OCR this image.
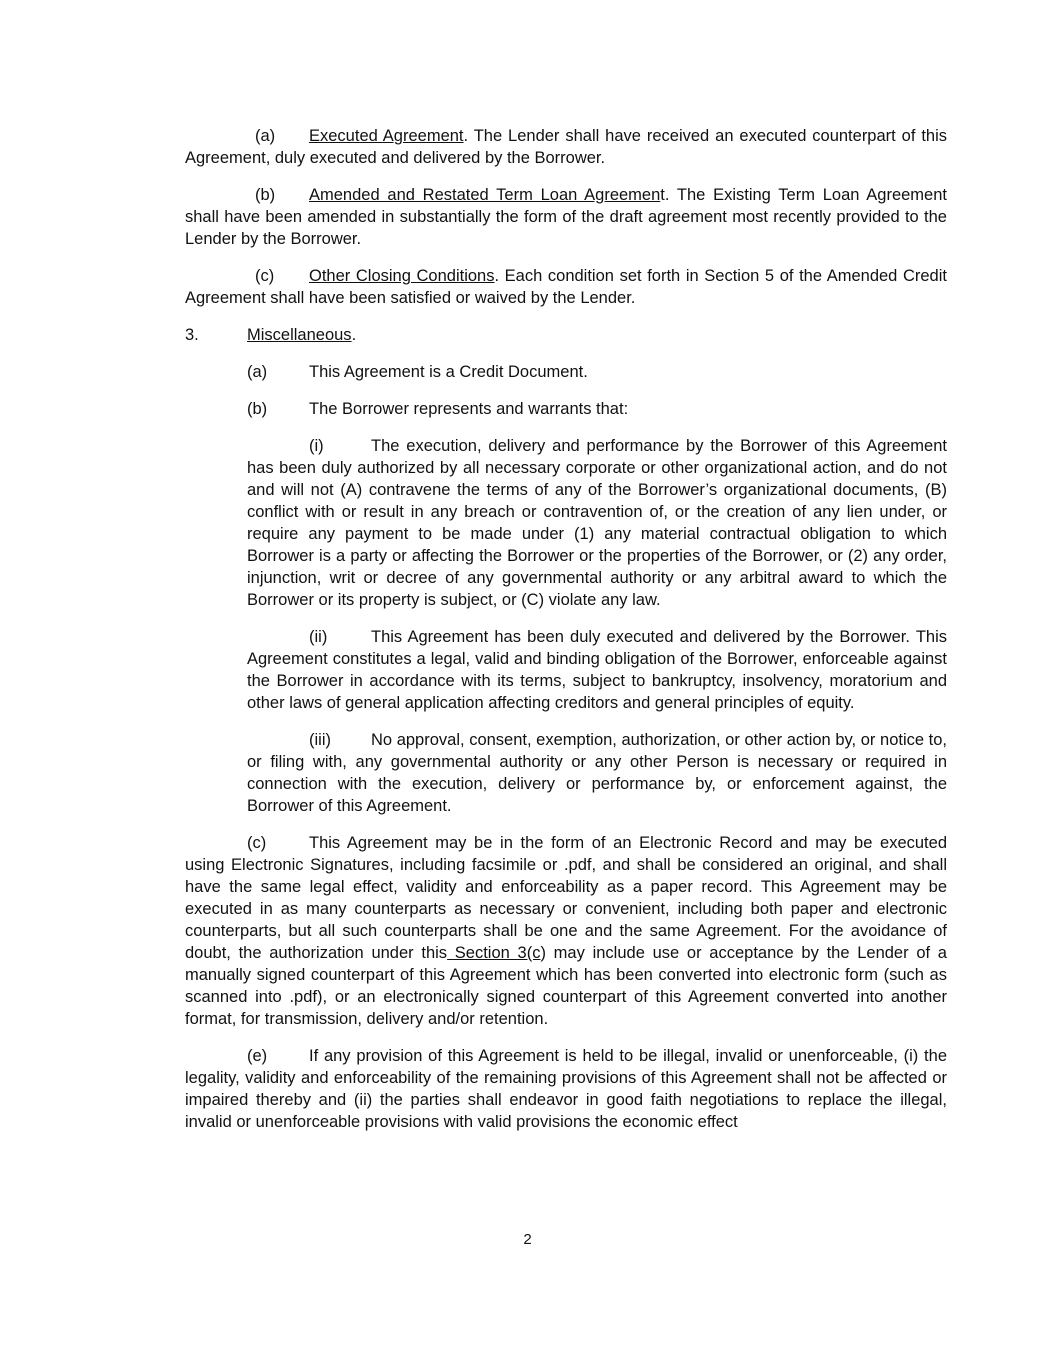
(a) Executed Agreement. The Lender shall have received an executed counterpart of this Agreement, duly executed and delivered by the Borrower.

(b) Amended and Restated Term Loan Agreement. The Existing Term Loan Agreement shall have been amended in substantially the form of the draft agreement most recently provided to the Lender by the Borrower.

(c) Other Closing Conditions. Each condition set forth in Section 5 of the Amended Credit Agreement shall have been satisfied or waived by the Lender.

3.	Miscellaneous.

(a)	This Agreement is a Credit Document.

(b)	The Borrower represents and warrants that:

(i)	The execution, delivery and performance by the Borrower of this Agreement has been duly authorized by all necessary corporate or other organizational action, and do not and will not (A) contravene the terms of any of the Borrower’s organizational documents, (B) conflict with or result in any breach or contravention of, or the creation of any lien under, or require any payment to be made under (1) any material contractual obligation to which Borrower is a party or affecting the Borrower or the properties of the Borrower, or (2) any order, injunction, writ or decree of any governmental authority or any arbitral award to which the Borrower or its property is subject, or (C) violate any law.

(ii)	This Agreement has been duly executed and delivered by the Borrower. This Agreement constitutes a legal, valid and binding obligation of the Borrower, enforceable against the Borrower in accordance with its terms, subject to bankruptcy, insolvency, moratorium and other laws of general application affecting creditors and general principles of equity.

(iii) No approval, consent, exemption, authorization, or other action by, or notice to, or filing with, any governmental authority or any other Person is necessary or required in connection with the execution, delivery or performance by, or enforcement against, the Borrower of this Agreement.

(c)	This Agreement may be in the form of an Electronic Record and may be executed using Electronic Signatures, including facsimile or .pdf, and shall be considered an original, and shall have the same legal effect, validity and enforceability as a paper record. This Agreement may be executed in as many counterparts as necessary or convenient, including both paper and electronic counterparts, but all such counterparts shall be one and the same Agreement. For the avoidance of doubt, the authorization under this Section 3(c) may include use or acceptance by the Lender of a manually signed counterpart of this Agreement which has been converted into electronic form (such as scanned into .pdf), or an electronically signed counterpart of this Agreement converted into another format, for transmission, delivery and/or retention.

(e)	If any provision of this Agreement is held to be illegal, invalid or unenforceable, (i) the legality, validity and enforceability of the remaining provisions of this Agreement shall not be affected or impaired thereby and (ii) the parties shall endeavor in good faith negotiations to replace the illegal, invalid or unenforceable provisions with valid provisions the economic effect

2
